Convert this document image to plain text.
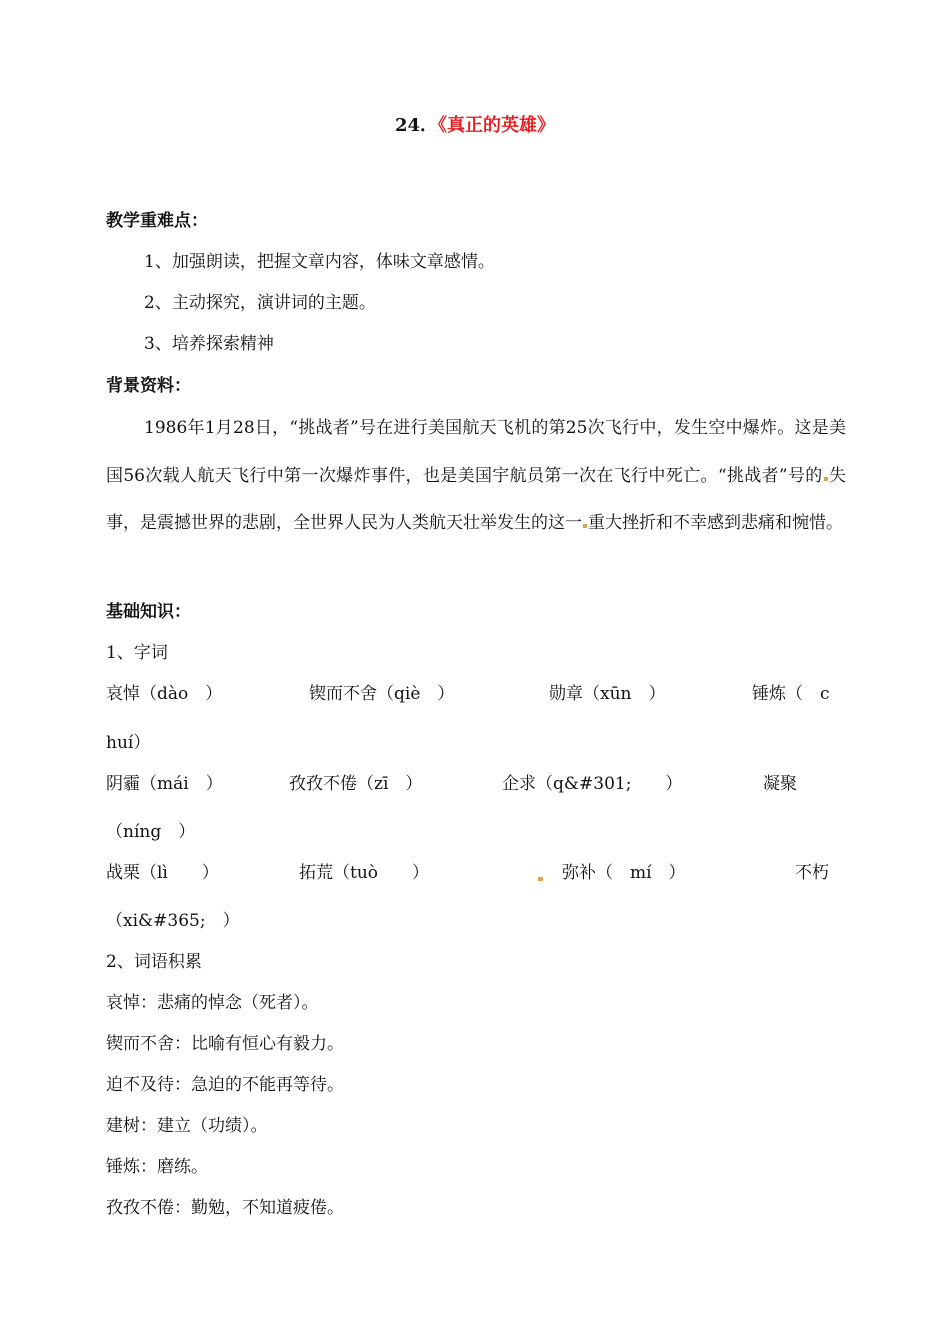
24．《真正的英雄》
教学重难点：
1、加强朗读，把握文章内容，体味文章感情。
2、主动探究，演讲词的主题。
3、培养探索精神
背景资料：
1986年1月28日，“挑战者”号在进行美国航天飞机的第25次飞行中，发生空中爆炸。这是美国56次载人航天飞行中第一次爆炸事件，也是美国宇航员第一次在飞行中死亡。“挑战者”号的 失事，是震撼世界的悲剧，全世界人民为人类航天壮举发生的这一 重大挫折和不幸感到悲痛和惋惜。
基础知识：
1、字词
哀悼（dào　）	锲而不舍（qiè　）	勋章（xūn　）	锤炼（　c
huí）
阴霾（mái　）	孜孜不倦（zī　）	企求（q&#301;　　）	凝聚
（níng　）
战栗（lì　　）	拓荒（tuò　　）	弥补（　mí　）	不朽
（xi&#365;　）
2、词语积累
哀悼：悲痛的悼念（死者）。
锲而不舍：比喻有恒心有毅力。
迫不及待：急迫的不能再等待。
建树：建立（功绩）。
锤炼：磨练。
孜孜不倦：勤勉，不知道疲倦。
